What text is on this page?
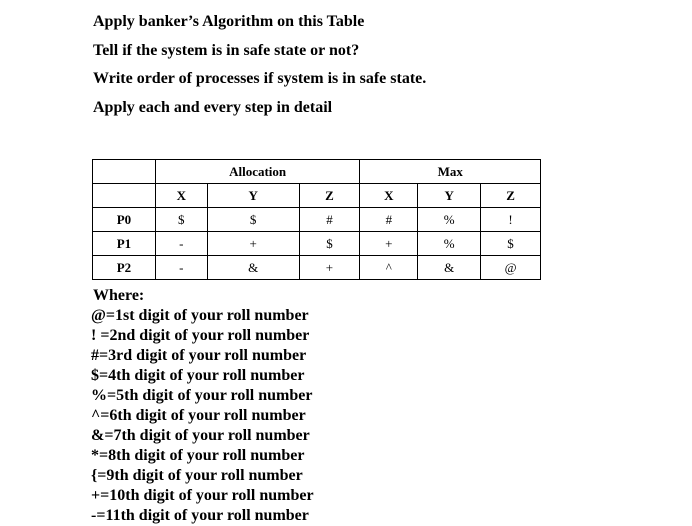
Apply banker’s Algorithm on this Table
Tell if the system is in safe state or not?
Write order of processes if system is in safe state.
Apply each and every step in detail
	Allocation			Max		
	X	Y	Z	X	Y	Z
P0	$	$	#	#	%	!
P1	-	+	$	+	%	$
P2	-	&	+	^	&	@
Where:
@=1st digit of your roll number
! =2nd digit of your roll number
#=3rd digit of your roll number
$=4th digit of your roll number
%=5th digit of your roll number
^=6th digit of your roll number
&=7th digit of your roll number
*=8th digit of your roll number
{=9th digit of your roll number
+=10th digit of your roll number
-=11th digit of your roll number
